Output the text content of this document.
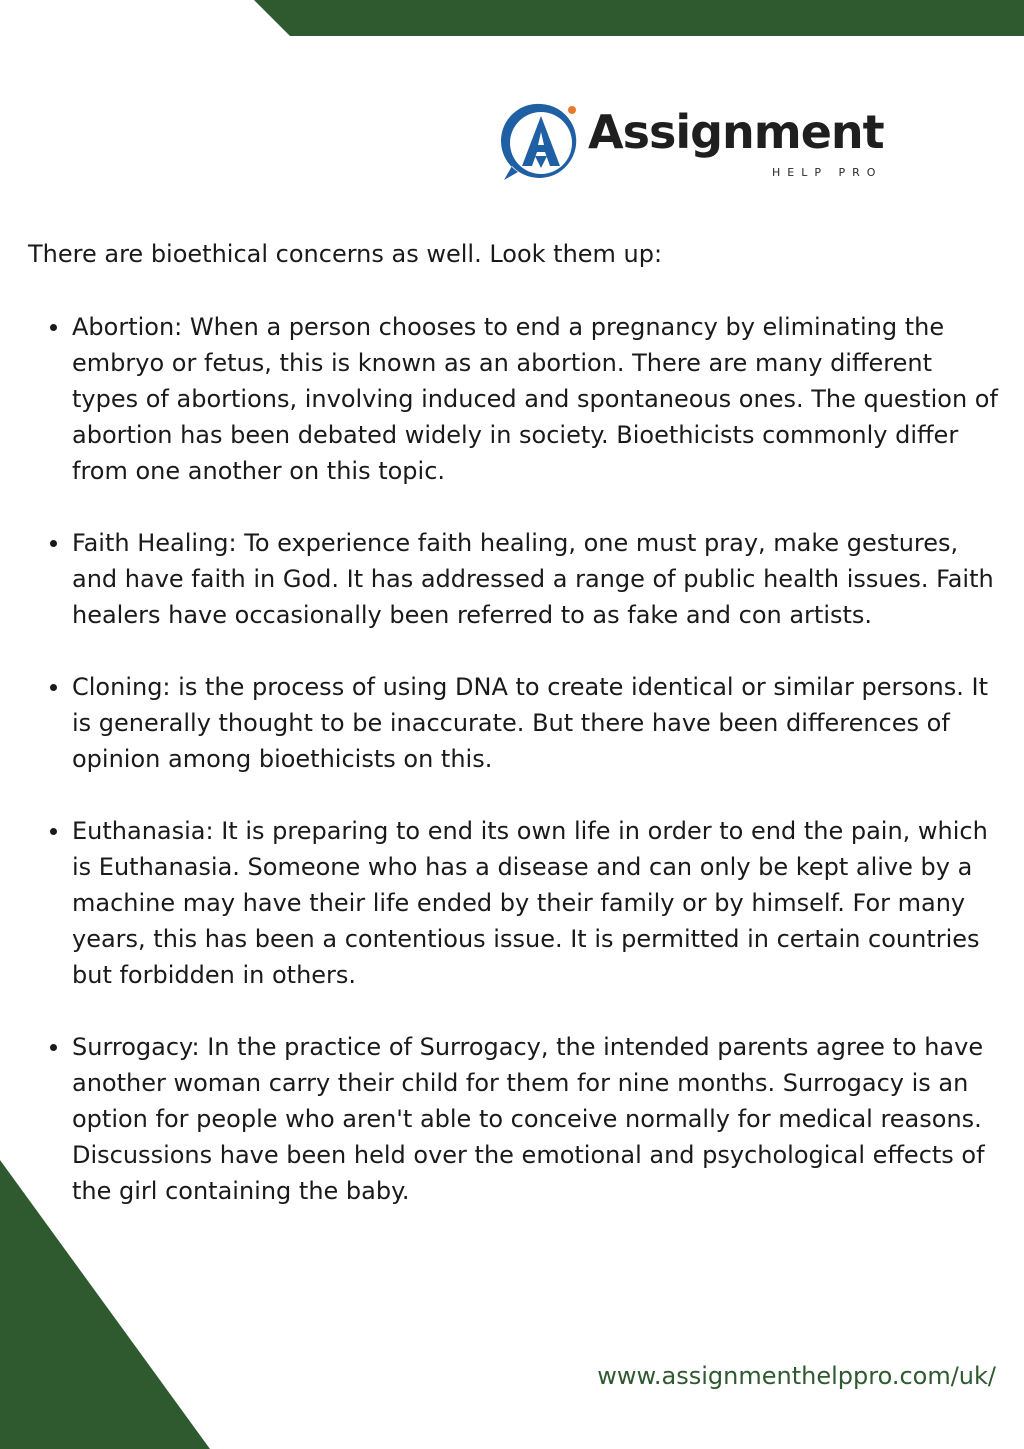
Assignment
HELP PRO

There are bioethical concerns as well. Look them up:

Abortion: When a person chooses to end a pregnancy by eliminating the embryo or fetus, this is known as an abortion. There are many different types of abortions, involving induced and spontaneous ones. The question of abortion has been debated widely in society. Bioethicists commonly differ from one another on this topic.
Faith Healing: To experience faith healing, one must pray, make gestures, and have faith in God. It has addressed a range of public health issues. Faith healers have occasionally been referred to as fake and con artists.
Cloning: is the process of using DNA to create identical or similar persons. It is generally thought to be inaccurate. But there have been differences of opinion among bioethicists on this.
Euthanasia: It is preparing to end its own life in order to end the pain, which is Euthanasia. Someone who has a disease and can only be kept alive by a machine may have their life ended by their family or by himself. For many years, this has been a contentious issue. It is permitted in certain countries but forbidden in others.
Surrogacy: In the practice of Surrogacy, the intended parents agree to have another woman carry their child for them for nine months. Surrogacy is an option for people who aren't able to conceive normally for medical reasons. Discussions have been held over the emotional and psychological effects of the girl containing the baby.
www.assignmenthelppro.com/uk/
